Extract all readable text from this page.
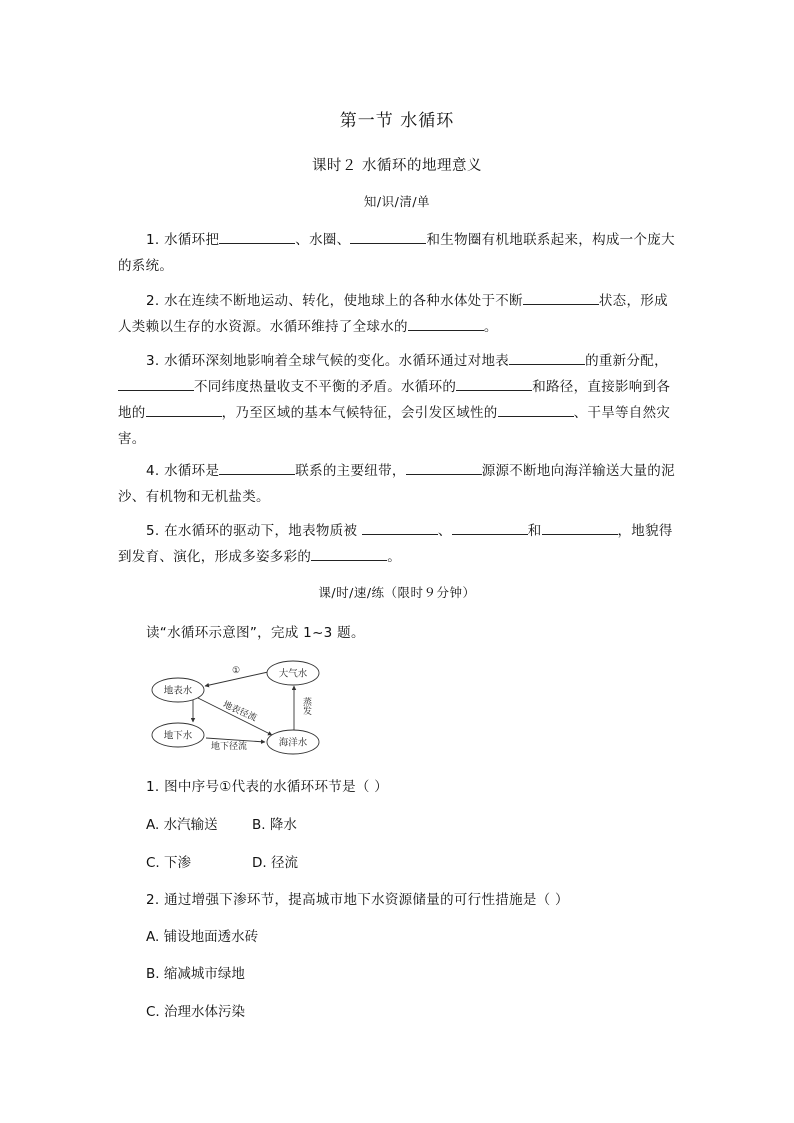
第一节 水循环
课时２ 水循环的地理意义
知/识/清/单
1. 水循环把	、水圈、	和生物圈有机地联系起来，构成一个庞大的系统。
2. 水在连续不断地运动、转化，使地球上的各种水体处于不断	状态，形成人类赖以生存的水资源。水循环维持了全球水的	。
3. 水循环深刻地影响着全球气候的变化。水循环通过对地表	的重新分配，不同纬度热量收支不平衡的矛盾。水循环的	和路径，直接影响到各地的	，乃至区域的基本气候特征，会引发区域性的	、干旱等自然灾害。
4. 水循环是	联系的主要纽带，	源源不断地向海洋输送大量的泥沙、有机物和无机盐类。
5. 在水循环的驱动下，地表物质被	、	和	，地貌得到发育、演化，形成多姿多彩的	。
课/时/速/练（限时９分钟）
读“水循环示意图”，完成 1~3 题。
大气水
地表水
地下水
海洋水
①
地表径流
地下径流
蒸发
1. 图中序号①代表的水循环环节是（ ）
A. 水汽输送	B. 降水
C. 下渗	D. 径流
2. 通过增强下渗环节，提高城市地下水资源储量的可行性措施是（ ）
A. 铺设地面透水砖
B. 缩减城市绿地
C. 治理水体污染
